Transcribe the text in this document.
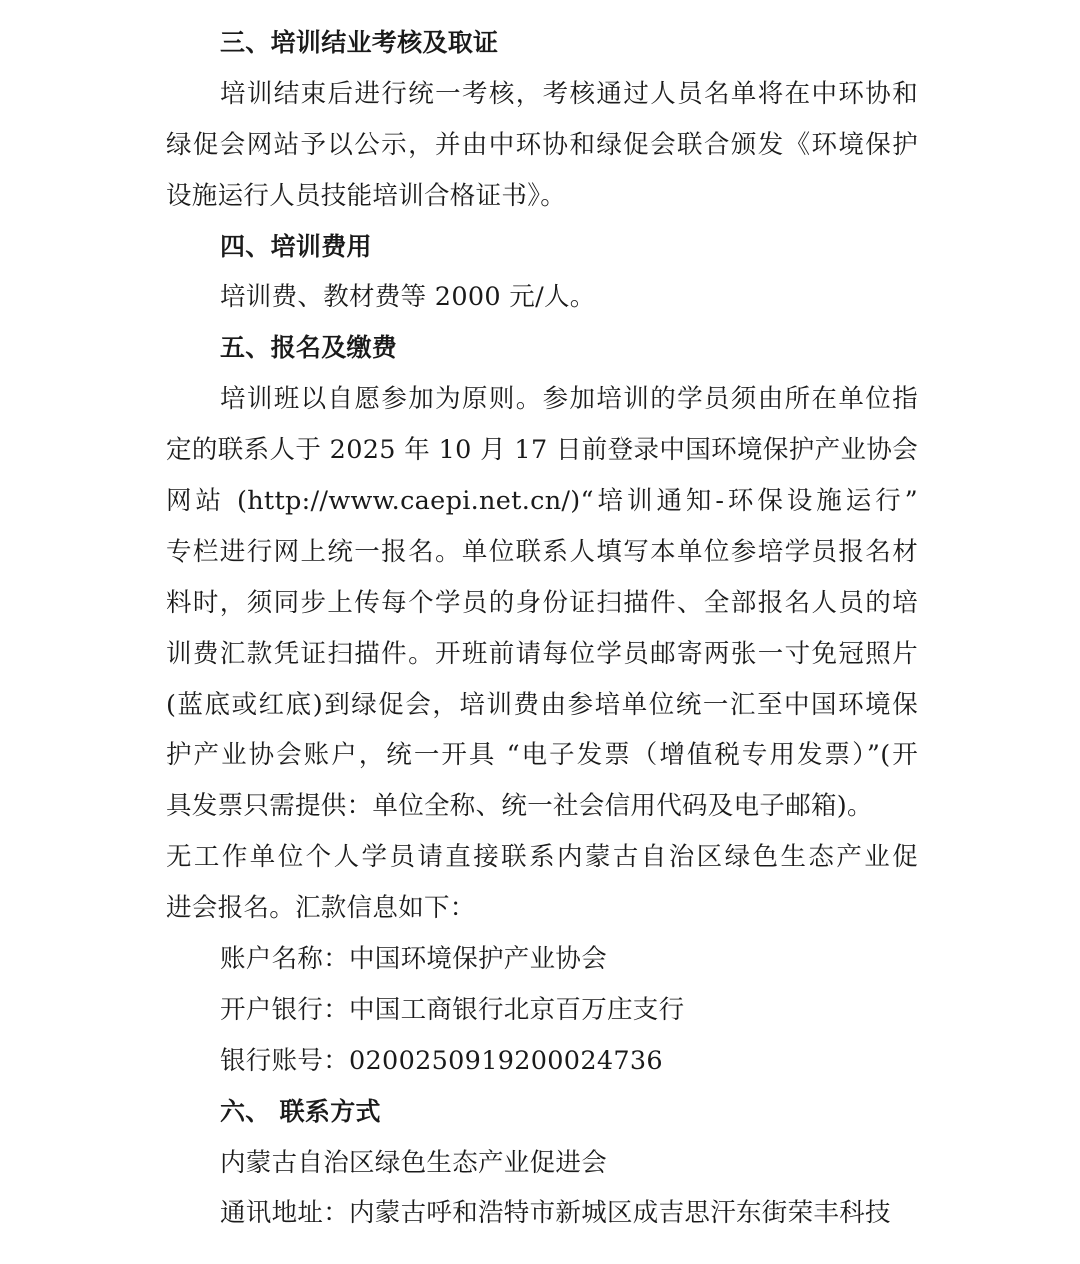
三、培训结业考核及取证
培训结束后进行统一考核，考核通过人员名单将在中环协和
绿促会网站予以公示，并由中环协和绿促会联合颁发《环境保护
设施运行人员技能培训合格证书》。
四、培训费用
培训费、教材费等 2000 元/人。
五、报名及缴费
培训班以自愿参加为原则。参加培训的学员须由所在单位指
定的联系人于 2025 年 10 月 17 日前登录中国环境保护产业协会
网站 (http://www.caepi.net.cn/)“培训通知-环保设施运行”
专栏进行网上统一报名。单位联系人填写本单位参培学员报名材
料时，须同步上传每个学员的身份证扫描件、全部报名人员的培
训费汇款凭证扫描件。开班前请每位学员邮寄两张一寸免冠照片
(蓝底或红底)到绿促会，培训费由参培单位统一汇至中国环境保
护产业协会账户，统一开具 “电子发票（增值税专用发票）”(开
具发票只需提供：单位全称、统一社会信用代码及电子邮箱)。
无工作单位个人学员请直接联系内蒙古自治区绿色生态产业促
进会报名。汇款信息如下：
账户名称：中国环境保护产业协会
开户银行：中国工商银行北京百万庄支行
银行账号：0200250919200024736
六、 联系方式
内蒙古自治区绿色生态产业促进会
通讯地址：内蒙古呼和浩特市新城区成吉思汗东街荣丰科技
